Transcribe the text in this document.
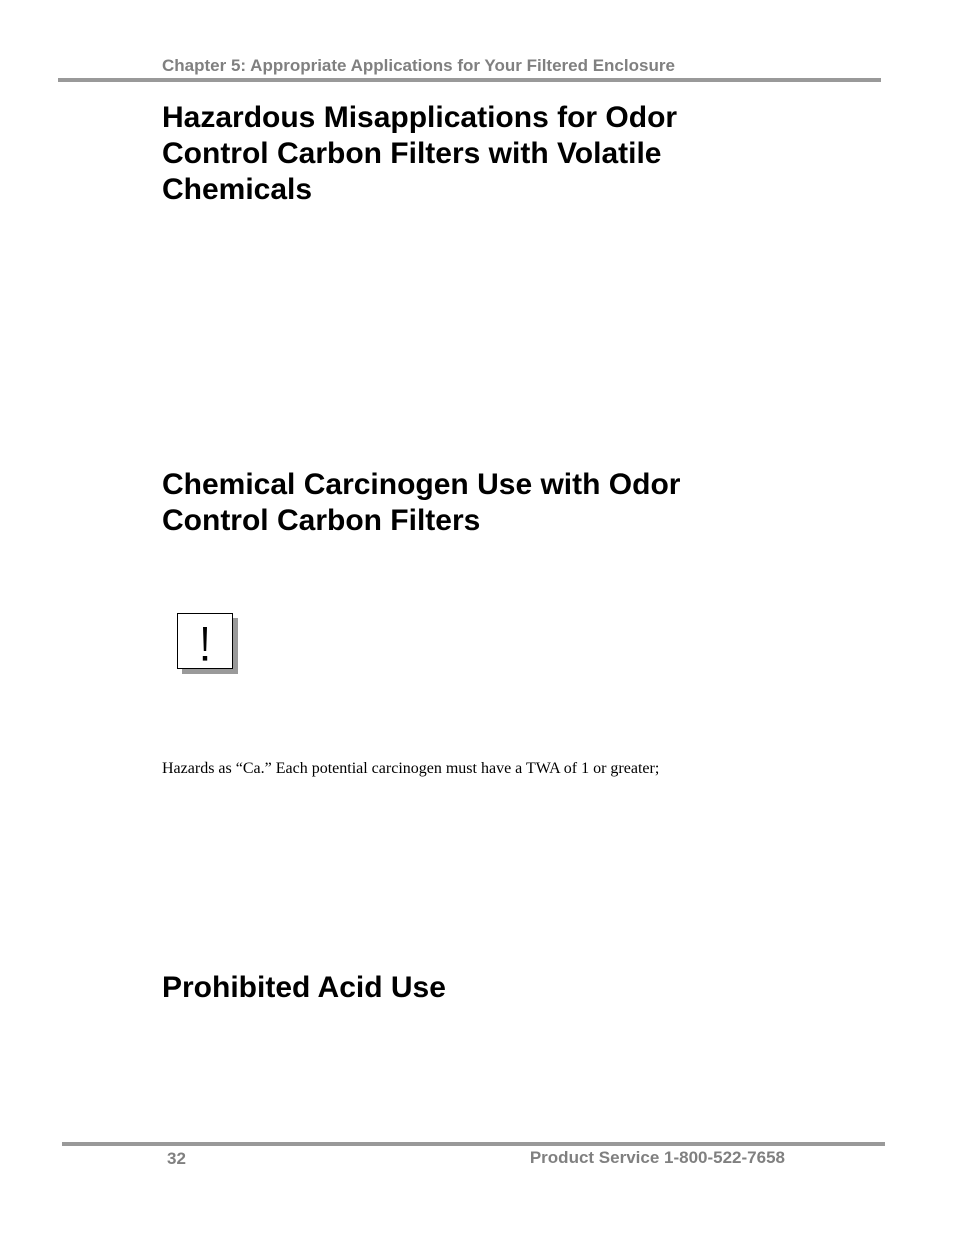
Chapter 5: Appropriate Applications for Your Filtered Enclosure
Hazardous Misapplications for Odor Control Carbon Filters with Volatile Chemicals
Chemical Carcinogen Use with Odor Control Carbon Filters
Hazards as “Ca.” Each potential carcinogen must have a TWA of 1 or greater;
Prohibited Acid Use
32	Product Service 1-800-522-7658
